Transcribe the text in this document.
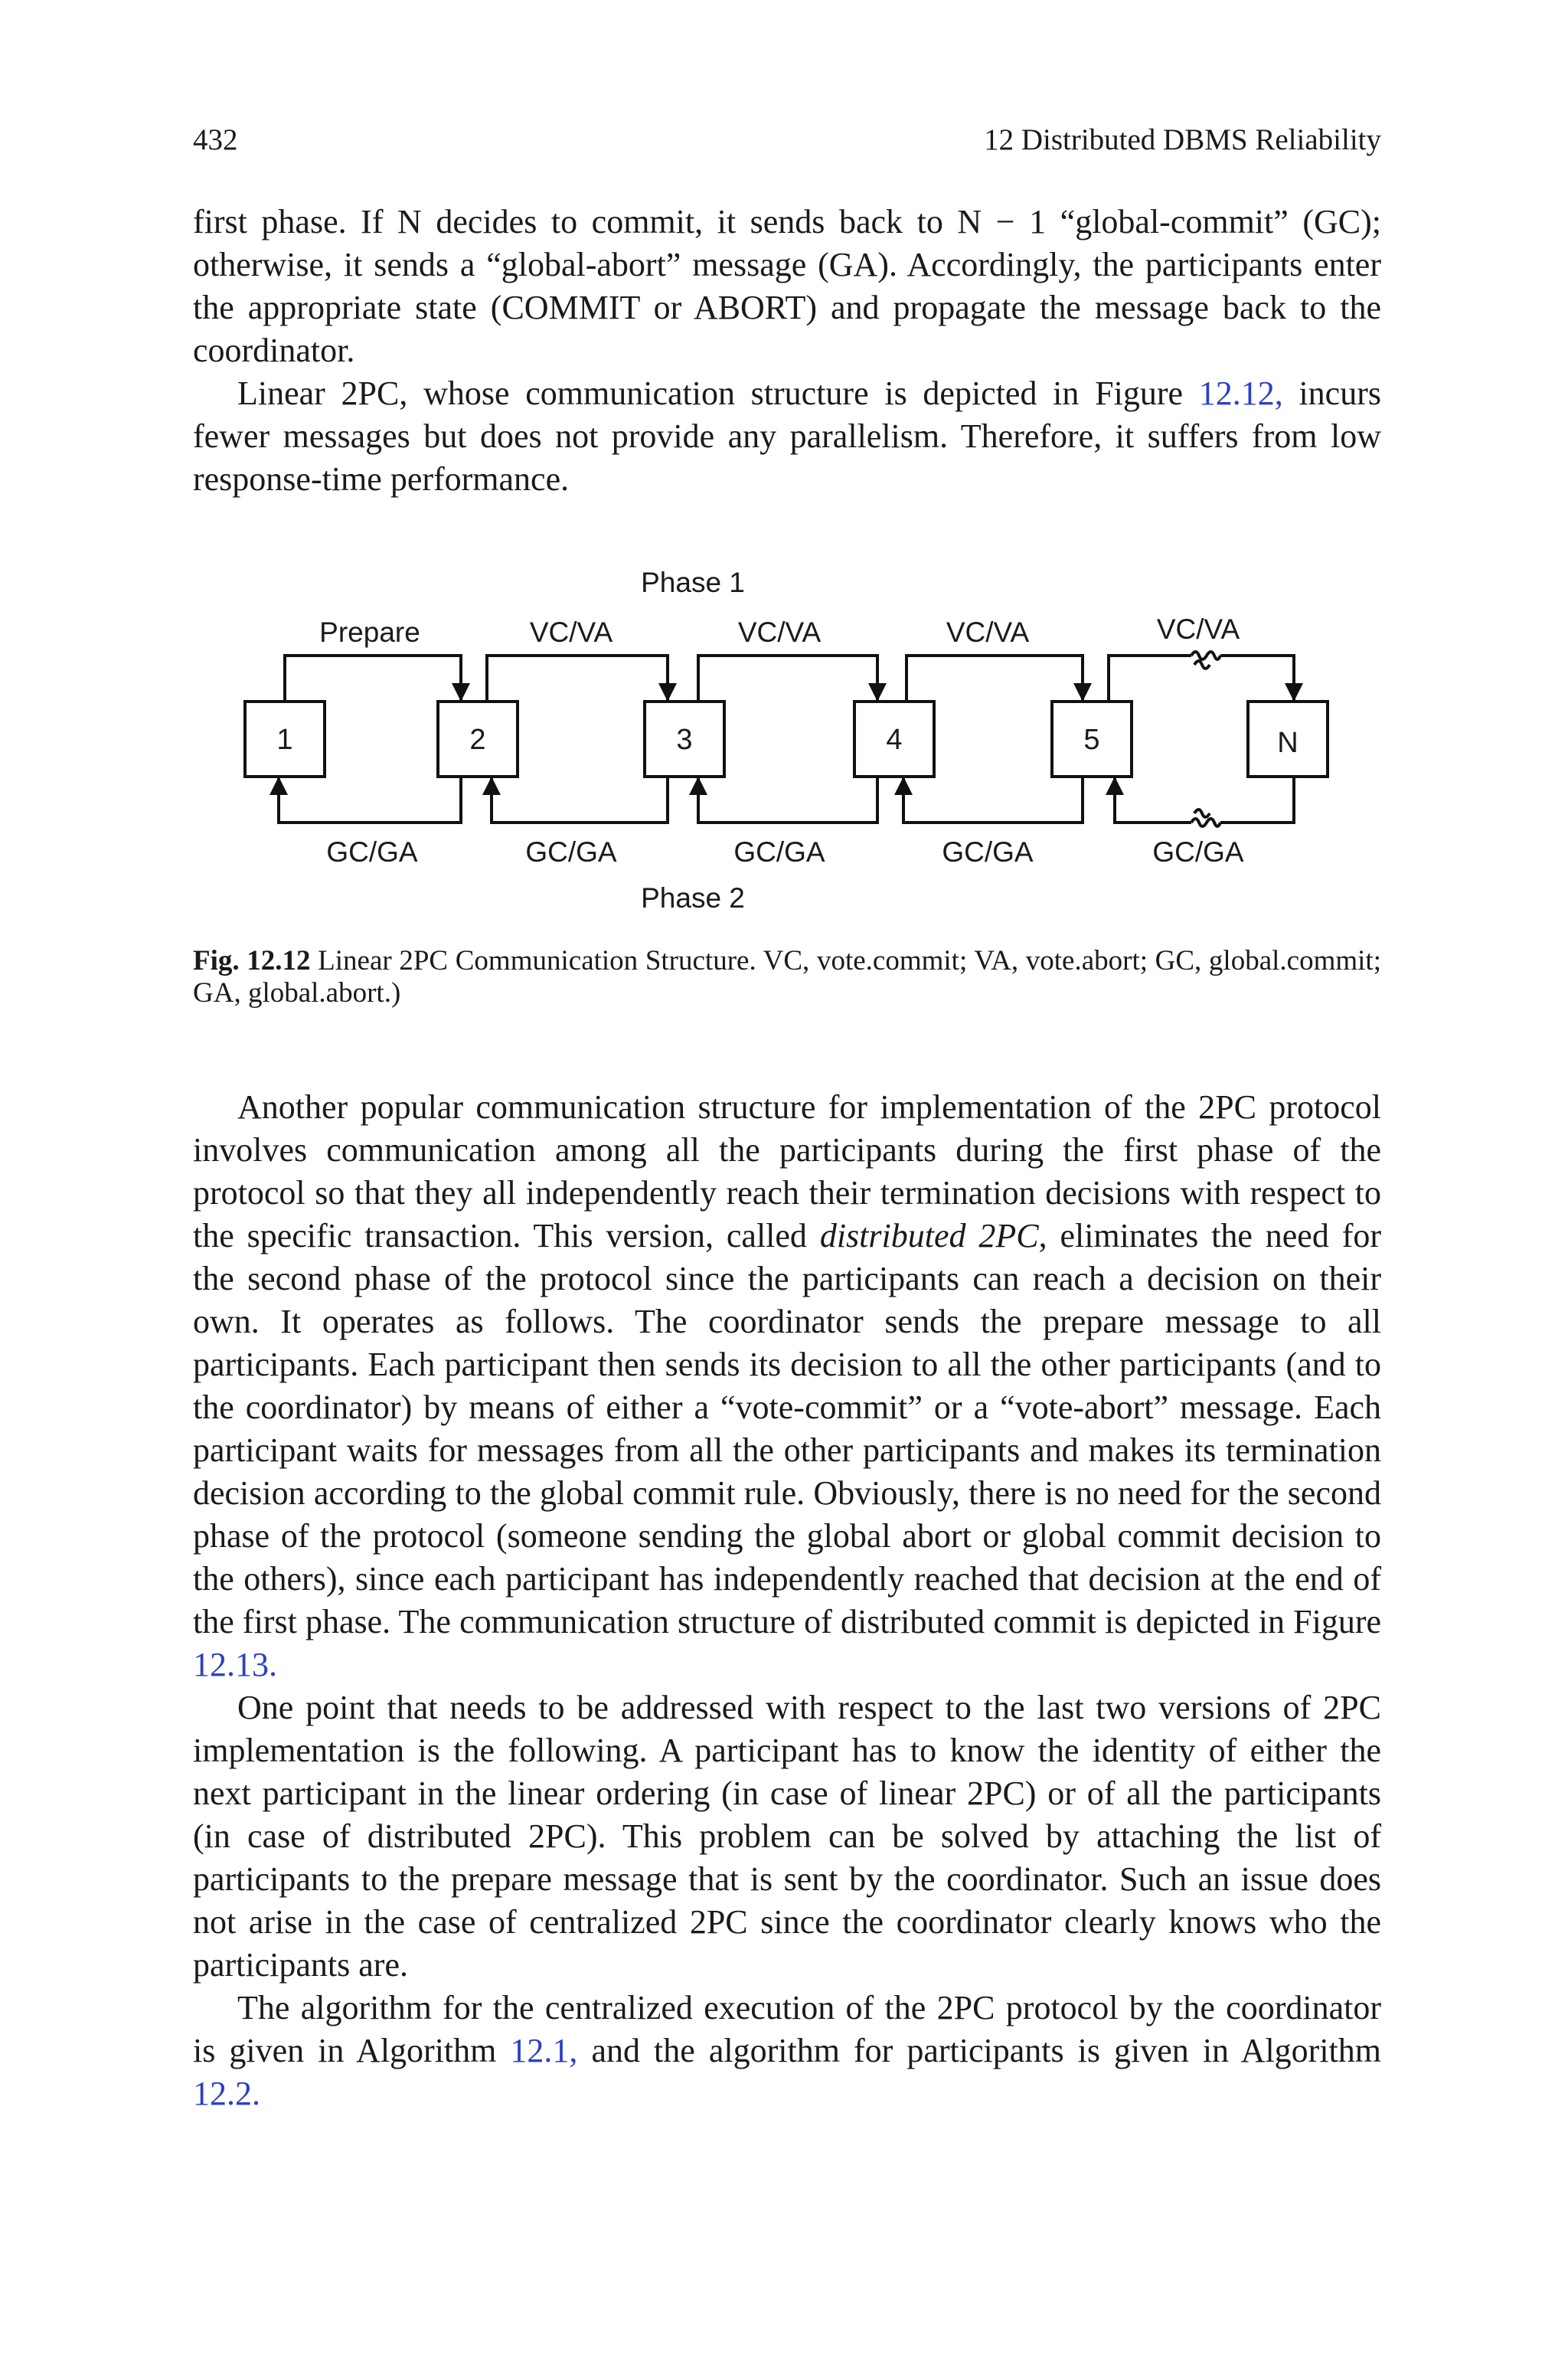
432	12 Distributed DBMS Reliability

first phase. If N decides to commit, it sends back to N − 1 “global-commit” (GC); otherwise, it sends a “global-abort” message (GA). Accordingly, the participants enter the appropriate state (COMMIT or ABORT) and propagate the message back to the coordinator.

Linear 2PC, whose communication structure is depicted in Figure 12.12, incurs fewer messages but does not provide any parallelism. Therefore, it suffers from low response-time performance.

Phase 1
Phase 2
Prepare	VC/VA	VC/VA	VC/VA	VC/VA
GC/GA	GC/GA	GC/GA	GC/GA	GC/GA
1	2	3	4	5	N
Fig. 12.12 Linear 2PC Communication Structure. VC, vote.commit; VA, vote.abort; GC, global.commit; GA, global.abort.)

Another popular communication structure for implementation of the 2PC protocol involves communication among all the participants during the first phase of the protocol so that they all independently reach their termination decisions with respect to the specific transaction. This version, called distributed 2PC, eliminates the need for the second phase of the protocol since the participants can reach a decision on their own. It operates as follows. The coordinator sends the prepare message to all participants. Each participant then sends its decision to all the other participants (and to the coordinator) by means of either a “vote-commit” or a “vote-abort” message. Each participant waits for messages from all the other participants and makes its termination decision according to the global commit rule. Obviously, there is no need for the second phase of the protocol (someone sending the global abort or global commit decision to the others), since each participant has independently reached that decision at the end of the first phase. The communication structure of distributed commit is depicted in Figure 12.13.

One point that needs to be addressed with respect to the last two versions of 2PC implementation is the following. A participant has to know the identity of either the next participant in the linear ordering (in case of linear 2PC) or of all the participants (in case of distributed 2PC). This problem can be solved by attaching the list of participants to the prepare message that is sent by the coordinator. Such an issue does not arise in the case of centralized 2PC since the coordinator clearly knows who the participants are.

The algorithm for the centralized execution of the 2PC protocol by the coordinator is given in Algorithm 12.1, and the algorithm for participants is given in Algorithm 12.2.
